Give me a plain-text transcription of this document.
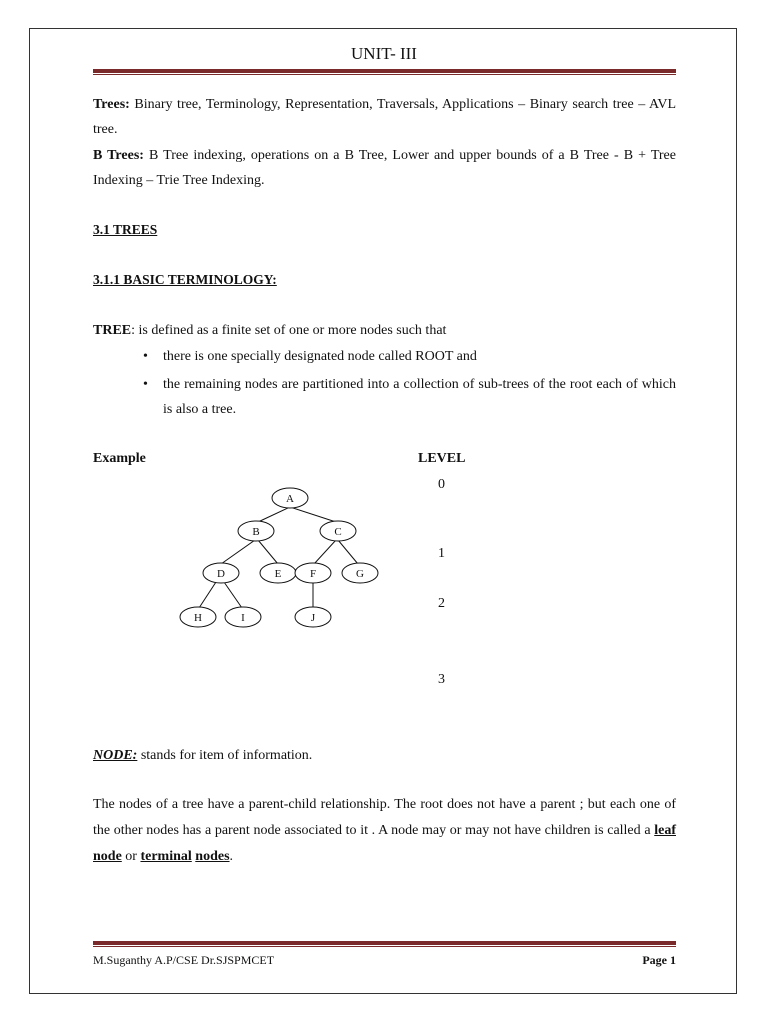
UNIT- III
Trees: Binary tree, Terminology, Representation, Traversals, Applications – Binary search tree – AVL tree.
B Trees: B Tree indexing, operations on a B Tree, Lower and upper bounds of a B Tree - B + Tree Indexing – Trie Tree Indexing.
3.1 TREES
3.1.1 BASIC TERMINOLOGY:
TREE: is defined as a finite set of one or more nodes such that
• there is one specially designated node called ROOT and
• the remaining nodes are partitioned into a collection of sub-trees of the root each of which is also a tree.
Example	LEVEL
0
1
2
3
A
B	C
D	E	F	G
H	I	J
NODE: stands for item of information.
The nodes of a tree have a parent-child relationship. The root does not have a parent ; but each one of the other nodes has a parent node associated to it . A node may or may not have children is called a leaf node or terminal nodes.
M.Suganthy A.P/CSE Dr.SJSPMCET	Page 1
